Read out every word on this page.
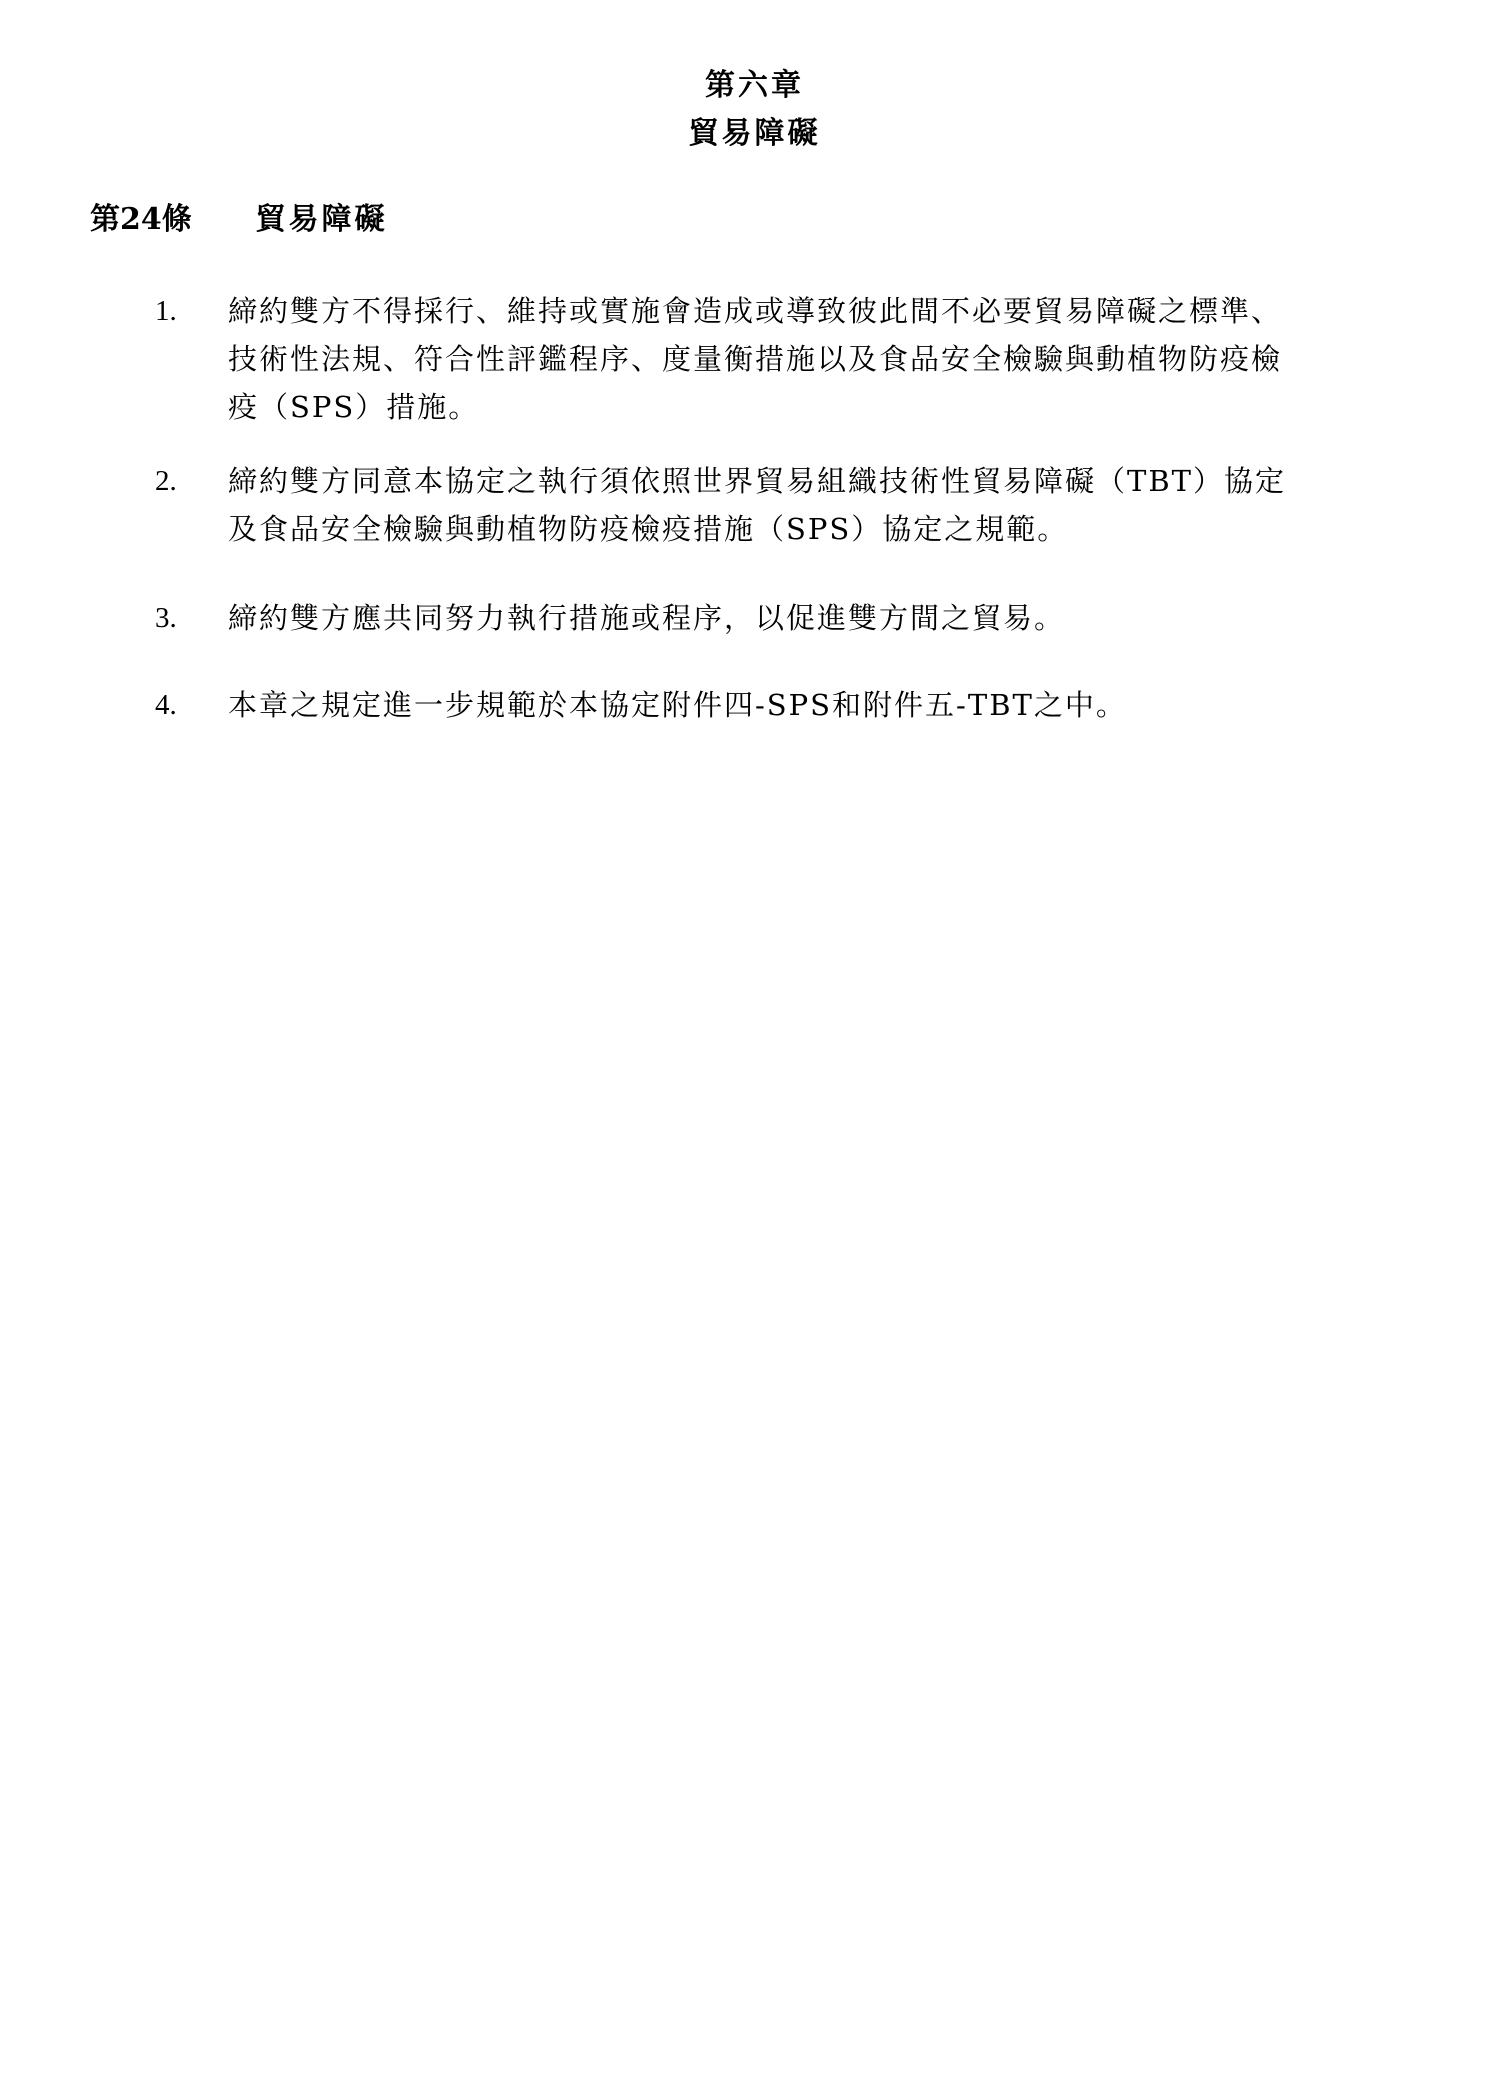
第六章
貿易障礙
第24條 貿易障礙
1. 締約雙方不得採行、維持或實施會造成或導致彼此間不必要貿易障礙之標準、
技術性法規、符合性評鑑程序、度量衡措施以及食品安全檢驗與動植物防疫檢
疫（SPS）措施。
2. 締約雙方同意本協定之執行須依照世界貿易組織技術性貿易障礙（TBT）協定
及食品安全檢驗與動植物防疫檢疫措施（SPS）協定之規範。
3. 締約雙方應共同努力執行措施或程序，以促進雙方間之貿易。
4. 本章之規定進一步規範於本協定附件四-SPS和附件五-TBT之中。
